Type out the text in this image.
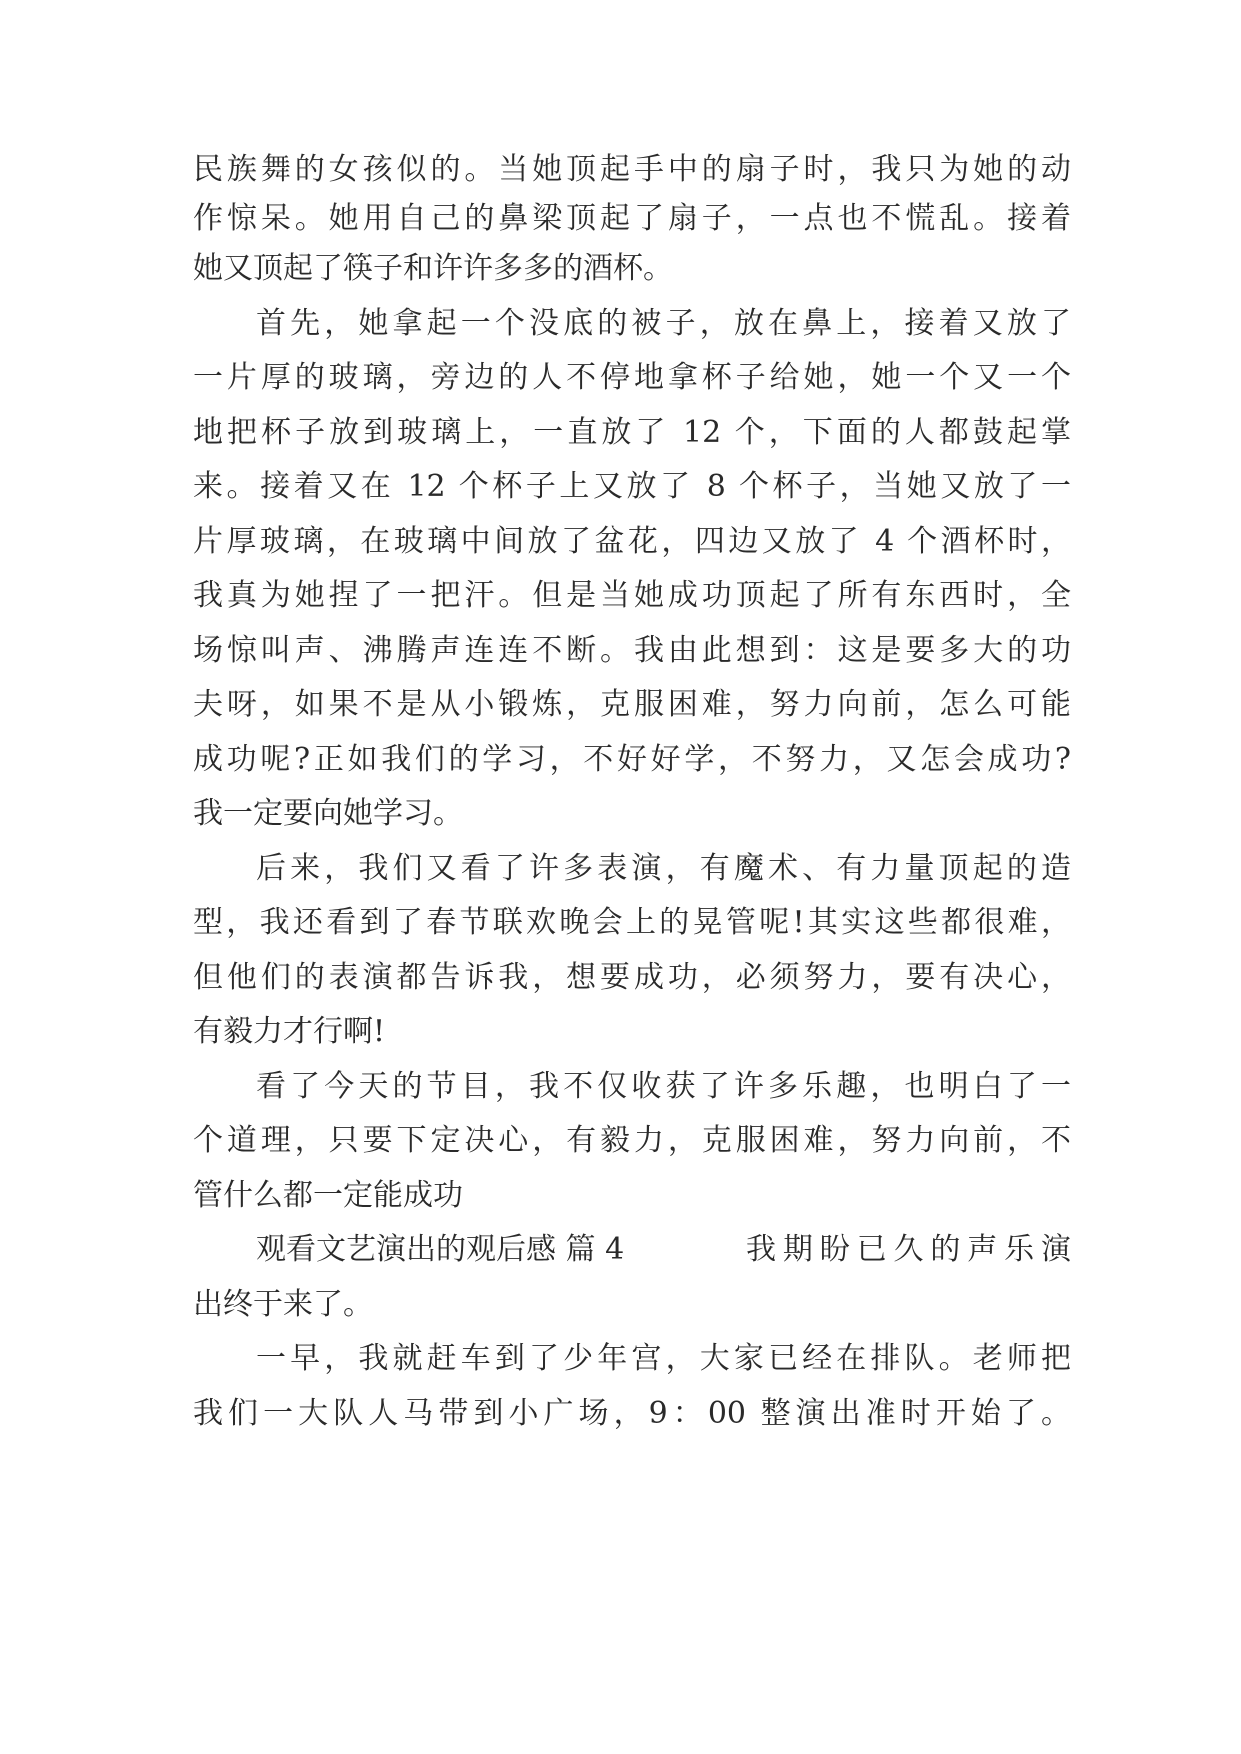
民族舞的女孩似的。当她顶起手中的扇子时，我只为她的动
作惊呆。她用自己的鼻梁顶起了扇子，一点也不慌乱。接着
她又顶起了筷子和许许多多的酒杯。
首先，她拿起一个没底的被子，放在鼻上，接着又放了
一片厚的玻璃，旁边的人不停地拿杯子给她，她一个又一个
地把杯子放到玻璃上，一直放了 12 个，下面的人都鼓起掌
来。接着又在 12 个杯子上又放了 8 个杯子，当她又放了一
片厚玻璃，在玻璃中间放了盆花，四边又放了 4 个酒杯时，
我真为她捏了一把汗。但是当她成功顶起了所有东西时，全
场惊叫声、沸腾声连连不断。我由此想到：这是要多大的功
夫呀，如果不是从小锻炼，克服困难，努力向前，怎么可能
成功呢?正如我们的学习，不好好学，不努力，又怎会成功?
我一定要向她学习。
后来，我们又看了许多表演，有魔术、有力量顶起的造
型，我还看到了春节联欢晚会上的晃管呢!其实这些都很难，
但他们的表演都告诉我，想要成功，必须努力，要有决心，
有毅力才行啊!
看了今天的节目，我不仅收获了许多乐趣，也明白了一
个道理，只要下定决心，有毅力，克服困难，努力向前，不
管什么都一定能成功
观看文艺演出的观后感 篇 4	我期盼已久的声乐演
出终于来了。
一早，我就赶车到了少年宫，大家已经在排队。老师把
我们一大队人马带到小广场，9：00 整演出准时开始了。
